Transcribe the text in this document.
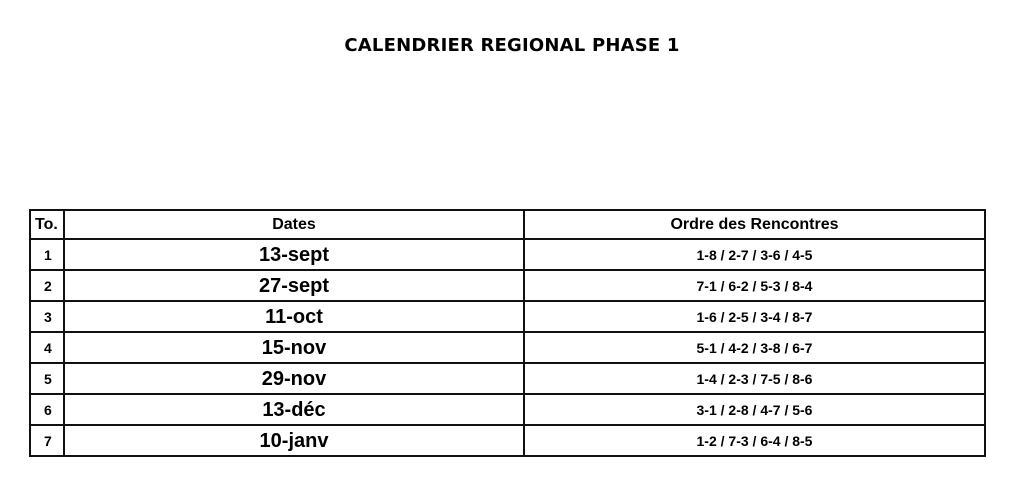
CALENDRIER REGIONAL PHASE 1
To.	Dates	Ordre des Rencontres
1	13-sept	1-8 / 2-7 / 3-6 / 4-5
2	27-sept	7-1 / 6-2 / 5-3 / 8-4
3	11-oct	1-6 / 2-5 / 3-4 / 8-7
4	15-nov	5-1 / 4-2 / 3-8 / 6-7
5	29-nov	1-4 / 2-3 / 7-5 / 8-6
6	13-déc	3-1 / 2-8 / 4-7 / 5-6
7	10-janv	1-2 / 7-3 / 6-4 / 8-5
